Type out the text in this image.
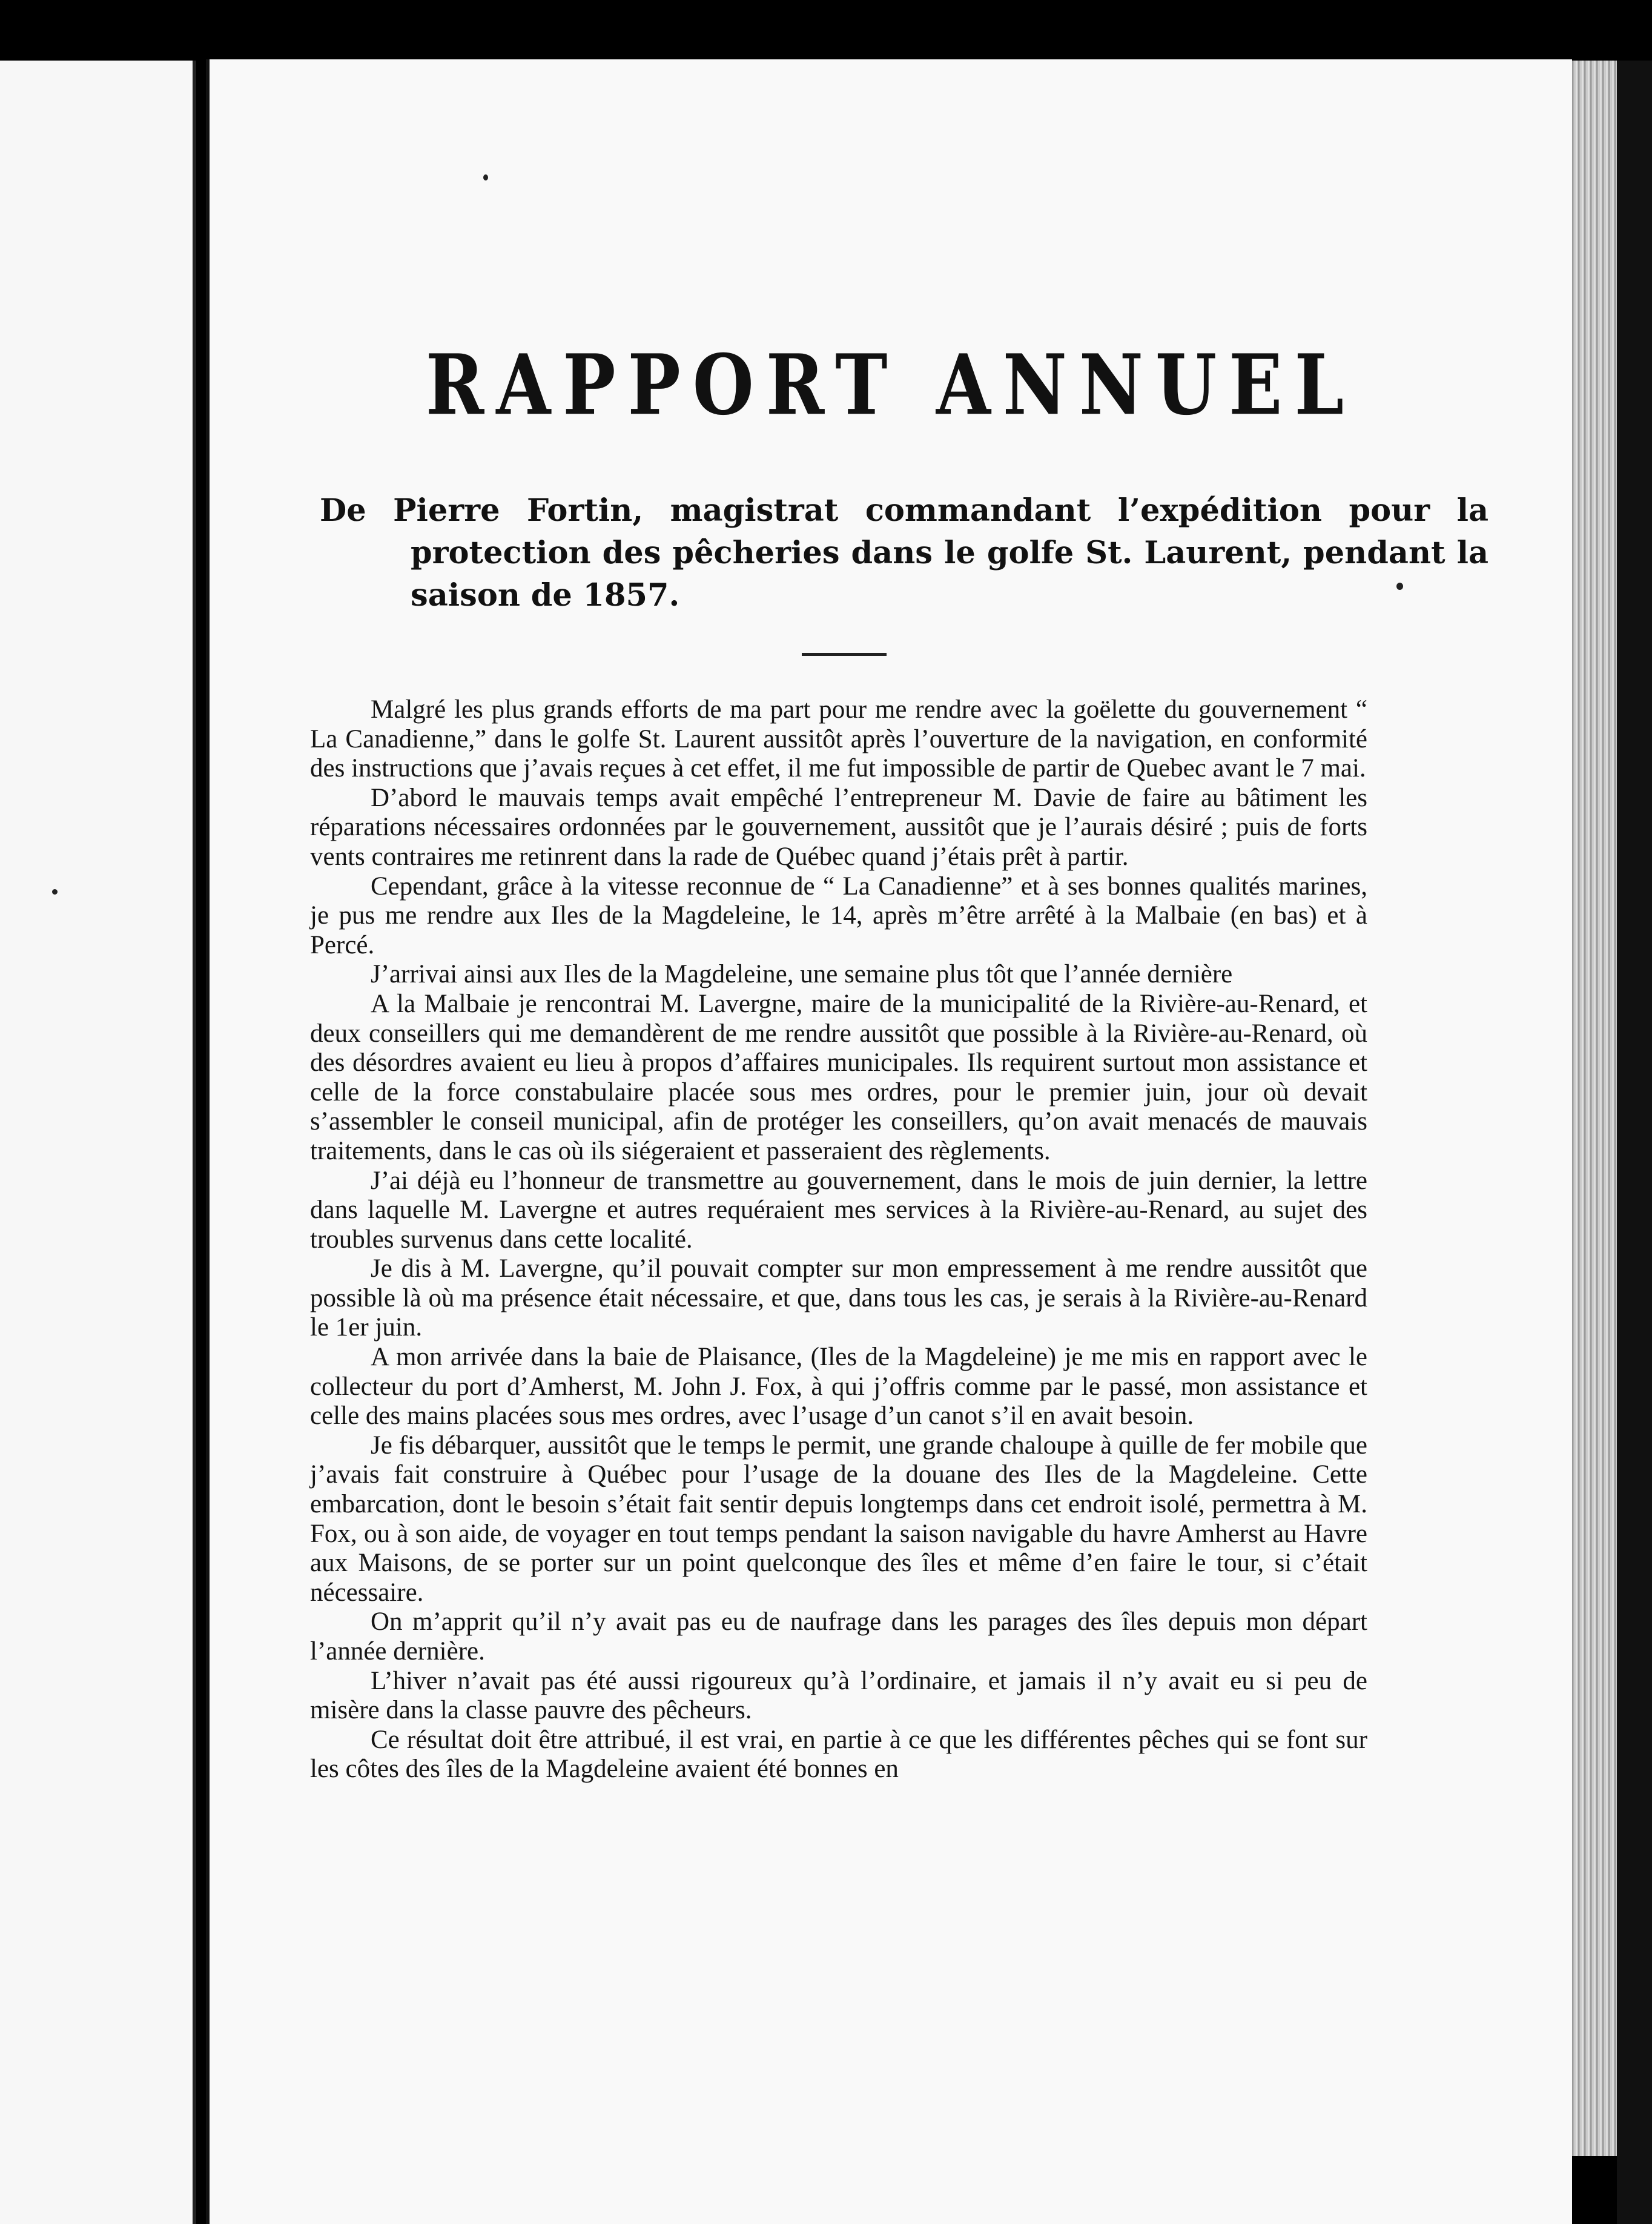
RAPPORT ANNUEL

De Pierre Fortin, magistrat commandant l’expédition pour la protection des pêcheries dans le golfe St. Laurent, pendant la saison de 1857.

Malgré les plus grands efforts de ma part pour me rendre avec la goëlette du gouvernement “ La Canadienne,” dans le golfe St. Laurent aussitôt après l’ouverture de la navigation, en conformité des instructions que j’avais reçues à cet effet, il me fut impossible de partir de Quebec avant le 7 mai.

D’abord le mauvais temps avait empêché l’entrepreneur M. Davie de faire au bâtiment les réparations nécessaires ordonnées par le gouvernement, aussitôt que je l’aurais désiré ; puis de forts vents contraires me retinrent dans la rade de Québec quand j’étais prêt à partir.

Cependant, grâce à la vitesse reconnue de “ La Canadienne” et à ses bonnes qualités marines, je pus me rendre aux Iles de la Magdeleine, le 14, après m’être arrêté à la Malbaie (en bas) et à Percé.

J’arrivai ainsi aux Iles de la Magdeleine, une semaine plus tôt que l’année dernière

A la Malbaie je rencontrai M. Lavergne, maire de la municipalité de la Rivière-au-Renard, et deux conseillers qui me demandèrent de me rendre aussitôt que possible à la Rivière-au-Renard, où des désordres avaient eu lieu à propos d’affaires municipales. Ils requirent surtout mon assistance et celle de la force constabulaire placée sous mes ordres, pour le premier juin, jour où devait s’assembler le conseil municipal, afin de protéger les conseillers, qu’on avait menacés de mauvais traitements, dans le cas où ils siégeraient et passeraient des règlements.

J’ai déjà eu l’honneur de transmettre au gouvernement, dans le mois de juin dernier, la lettre dans laquelle M. Lavergne et autres requéraient mes services à la Rivière-au-Renard, au sujet des troubles survenus dans cette localité.

Je dis à M. Lavergne, qu’il pouvait compter sur mon empressement à me rendre aussitôt que possible là où ma présence était nécessaire, et que, dans tous les cas, je serais à la Rivière-au-Renard le 1er juin.

A mon arrivée dans la baie de Plaisance, (Iles de la Magdeleine) je me mis en rapport avec le collecteur du port d’Amherst, M. John J. Fox, à qui j’offris comme par le passé, mon assistance et celle des mains placées sous mes ordres, avec l’usage d’un canot s’il en avait besoin.

Je fis débarquer, aussitôt que le temps le permit, une grande chaloupe à quille de fer mobile que j’avais fait construire à Québec pour l’usage de la douane des Iles de la Magdeleine. Cette embarcation, dont le besoin s’était fait sentir depuis longtemps dans cet endroit isolé, permettra à M. Fox, ou à son aide, de voyager en tout temps pendant la saison navigable du havre Amherst au Havre aux Maisons, de se porter sur un point quelconque des îles et même d’en faire le tour, si c’était nécessaire.

On m’apprit qu’il n’y avait pas eu de naufrage dans les parages des îles depuis mon départ l’année dernière.

L’hiver n’avait pas été aussi rigoureux qu’à l’ordinaire, et jamais il n’y avait eu si peu de misère dans la classe pauvre des pêcheurs.

Ce résultat doit être attribué, il est vrai, en partie à ce que les différentes pêches qui se font sur les côtes des îles de la Magdeleine avaient été bonnes en
